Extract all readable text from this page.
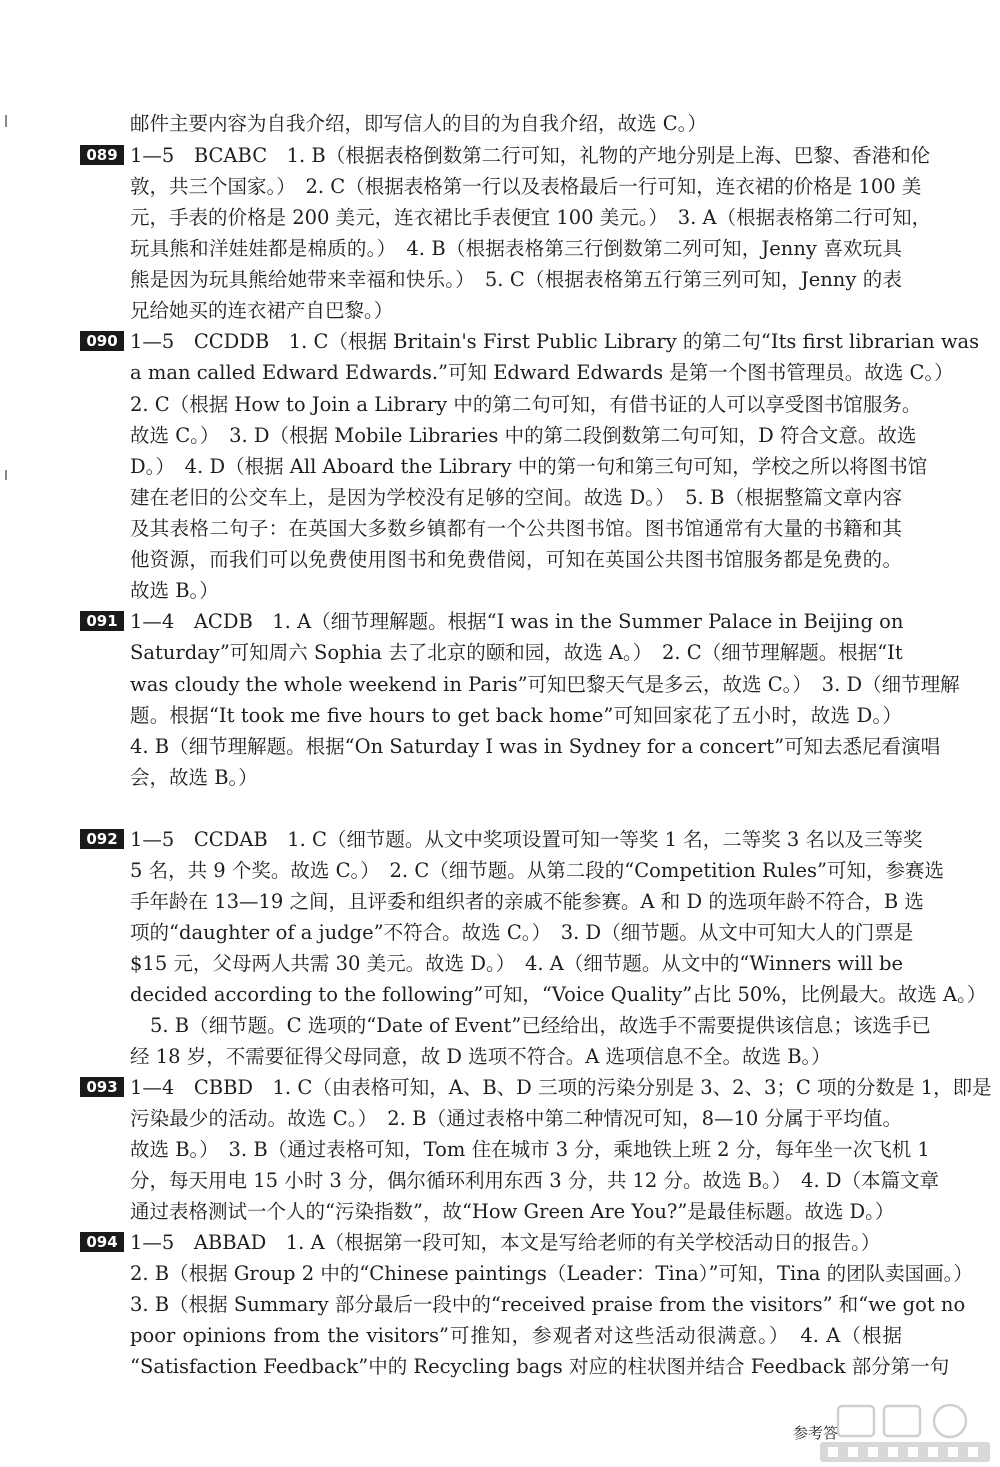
邮件主要内容为自我介绍，即写信人的目的为自我介绍，故选 C。）
089 1—5　BCABC　1. B（根据表格倒数第二行可知，礼物的产地分别是上海、巴黎、香港和伦
敦，共三个国家。）　2. C（根据表格第一行以及表格最后一行可知，连衣裙的价格是 100 美
元，手表的价格是 200 美元，连衣裙比手表便宜 100 美元。）　3. A（根据表格第二行可知，
玩具熊和洋娃娃都是棉质的。）　4. B（根据表格第三行倒数第二列可知，Jenny 喜欢玩具
熊是因为玩具熊给她带来幸福和快乐。）　5. C（根据表格第五行第三列可知，Jenny 的表
兄给她买的连衣裙产自巴黎。）
090 1—5　CCDDB　1. C（根据 Britain's First Public Library 的第二句“Its first librarian was
a man called Edward Edwards.”可知 Edward Edwards 是第一个图书管理员。故选 C。）
2. C（根据 How to Join a Library 中的第二句可知，有借书证的人可以享受图书馆服务。
故选 C。）　3. D（根据 Mobile Libraries 中的第二段倒数第二句可知，D 符合文意。故选
D。）　4. D（根据 All Aboard the Library 中的第一句和第三句可知，学校之所以将图书馆
建在老旧的公交车上，是因为学校没有足够的空间。故选 D。）　5. B（根据整篇文章内容
及其表格二句子：在英国大多数乡镇都有一个公共图书馆。图书馆通常有大量的书籍和其
他资源，而我们可以免费使用图书和免费借阅，可知在英国公共图书馆服务都是免费的。
故选 B。）
091 1—4　ACDB　1. A（细节理解题。根据“I was in the Summer Palace in Beijing on
Saturday”可知周六 Sophia 去了北京的颐和园，故选 A。）　2. C（细节理解题。根据“It
was cloudy the whole weekend in Paris”可知巴黎天气是多云，故选 C。）　3. D（细节理解
题。根据“It took me five hours to get back home”可知回家花了五小时，故选 D。）
4. B（细节理解题。根据“On Saturday I was in Sydney for a concert”可知去悉尼看演唱
会，故选 B。）
092 1—5　CCDAB　1. C（细节题。从文中奖项设置可知一等奖 1 名，二等奖 3 名以及三等奖
5 名，共 9 个奖。故选 C。）　2. C（细节题。从第二段的“Competition Rules”可知，参赛选
手年龄在 13—19 之间，且评委和组织者的亲戚不能参赛。A 和 D 的选项年龄不符合，B 选
项的“daughter of a judge”不符合。故选 C。）　3. D（细节题。从文中可知大人的门票是
$15 元，父母两人共需 30 美元。故选 D。）　4. A（细节题。从文中的“Winners will be
decided according to the following”可知，“Voice Quality”占比 50%，比例最大。故选 A。）
5. B（细节题。C 选项的“Date of Event”已经给出，故选手不需要提供该信息；该选手已
经 18 岁，不需要征得父母同意，故 D 选项不符合。A 选项信息不全。故选 B。）
093 1—4　CBBD　1. C（由表格可知，A、B、D 三项的污染分别是 3、2、3；C 项的分数是 1，即是
污染最少的活动。故选 C。）　2. B（通过表格中第二种情况可知，8—10 分属于平均值。
故选 B。）　3. B（通过表格可知，Tom 住在城市 3 分，乘地铁上班 2 分，每年坐一次飞机 1
分，每天用电 15 小时 3 分，偶尔循环利用东西 3 分，共 12 分。故选 B。）　4. D（本篇文章
通过表格测试一个人的“污染指数”，故“How Green Are You?”是最佳标题。故选 D。）
094 1—5　ABBAD　1. A（根据第一段可知，本文是写给老师的有关学校活动日的报告。）
2. B（根据 Group 2 中的“Chinese paintings（Leader：Tina）”可知，Tina 的团队卖国画。）
3. B（根据 Summary 部分最后一段中的“received praise from the visitors” 和“we got no
poor opinions from the visitors”可推知，参观者对这些活动很满意。）　4. A（根据
“Satisfaction Feedback”中的 Recycling bags 对应的柱状图并结合 Feedback 部分第一句
参考答
